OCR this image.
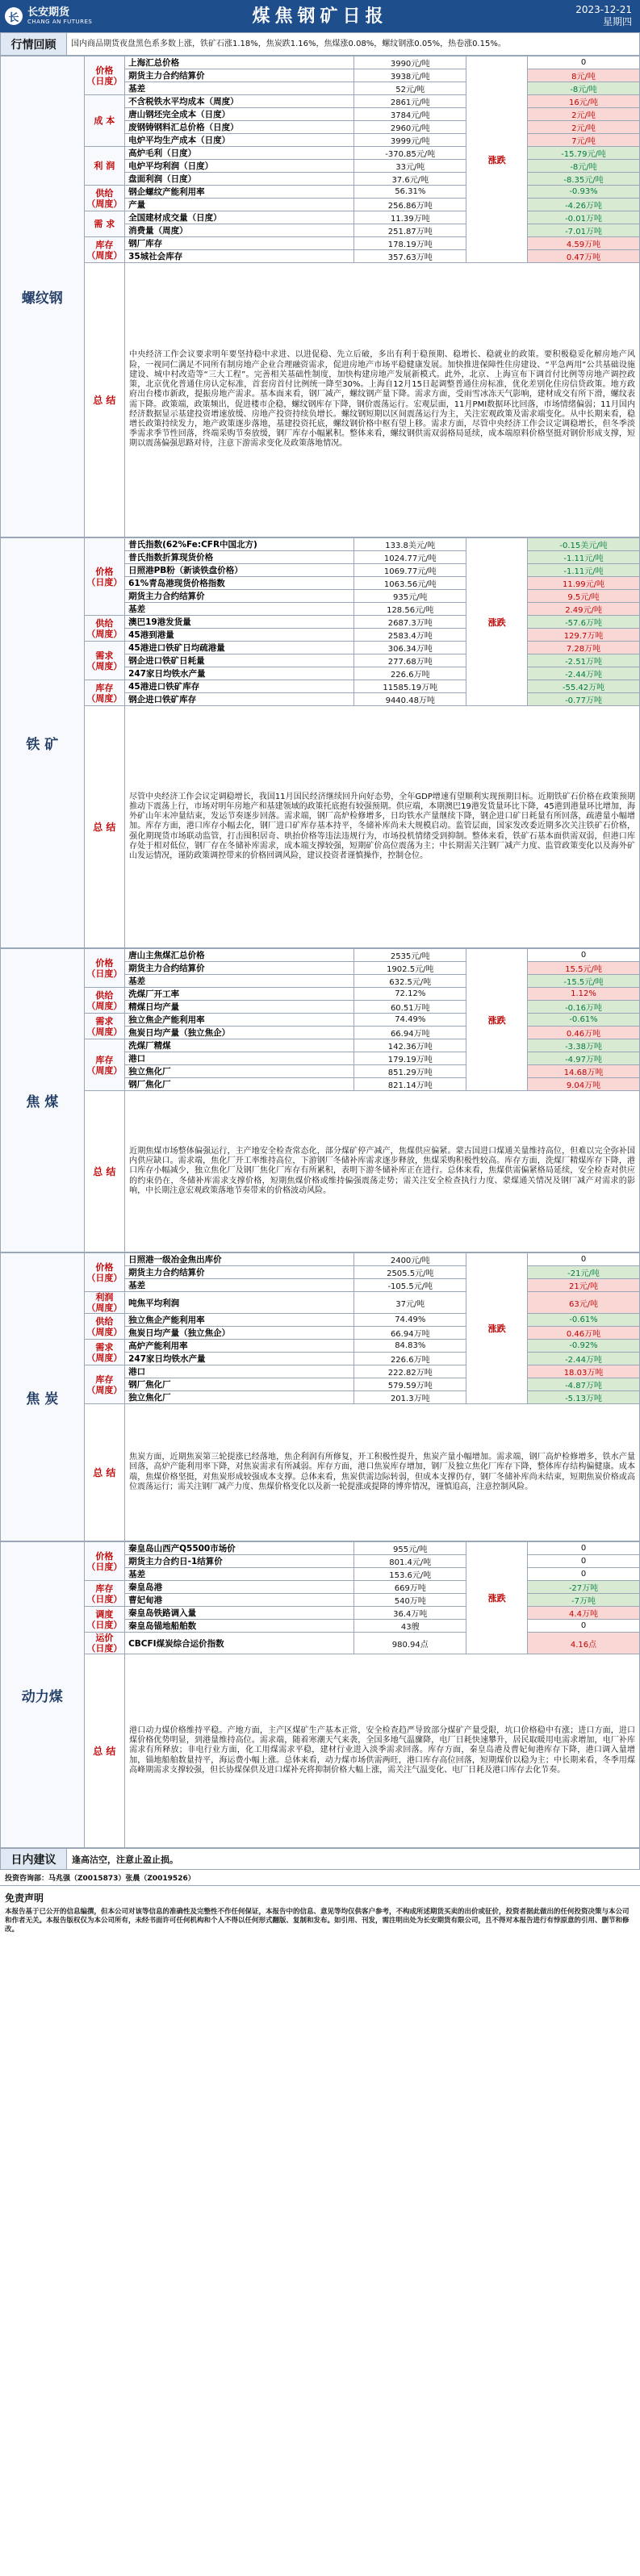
长 长安期货
CHANG AN FUTURES	煤焦钢矿日报	2023-12-21
星期四
行情回顾	国内商品期货夜盘黑色系多数上涨，铁矿石涨1.18%，焦炭跌1.16%，焦煤涨0.08%，螺纹钢涨0.05%，热卷涨0.15%。
螺纹钢	价格
（日度）	上海汇总价格	3990元/吨	涨跌	0
		期货主力合约结算价	3938元/吨		8元/吨
		基差	52元/吨		-8元/吨
	成 本	不含税铁水平均成本（周度）	2861元/吨		16元/吨
		唐山钢坯完全成本（日度）	3784元/吨		2元/吨
		废钢铸钢料汇总价格（日度）	2960元/吨		2元/吨
		电炉平均生产成本（日度）	3999元/吨		7元/吨
	利 润	高炉毛利（日度）	-370.85元/吨		-15.79元/吨
		电炉平均利润（日度）	33元/吨		-8元/吨
		盘面利润（日度）	37.6元/吨		-8.35元/吨
	供给
（周度）	钢企螺纹产能利用率	56.31%		-0.93%
		产量	256.86万吨		-4.26万吨
	需 求	全国建材成交量（日度）	11.39万吨		-0.01万吨
		消费量（周度）	251.87万吨		-7.01万吨
	库存
（周度）	钢厂库存	178.19万吨		4.59万吨
		35城社会库存	357.63万吨		0.47万吨
	总 结	中央经济工作会议要求明年要坚持稳中求进、以进促稳、先立后破，多出有利于稳预期、稳增长、稳就业的政策。要积极稳妥化解房地产风险，一视同仁满足不同所有制房地产企业合理融资需求，促进房地产市场平稳健康发展。加快推进保障性住房建设、“平急两用”公共基础设施建设、城中村改造等“三大工程”。完善相关基础性制度，加快构建房地产发展新模式。此外，北京、上海宣布下调首付比例等房地产调控政策，北京优化普通住房认定标准，首套房首付比例统一降至30%。上海自12月15日起调整普通住房标准，优化差别化住房信贷政策。地方政府出台楼市新政，提振房地产需求。基本面来看，钢厂减产，螺纹钢产量下降。需求方面，受雨雪冰冻天气影响，建材成交有所下滑，螺纹表需下降。政策端，政策频出，促进楼市企稳，螺纹钢库存下降，钢价震荡运行。宏观层面，11月PMI数据环比回落，市场情绪偏弱；11月国内经济数据显示基建投资增速放缓、房地产投资持续负增长。螺纹钢短期以区间震荡运行为主，关注宏观政策及需求端变化。从中长期来看，稳增长政策持续发力，地产政策逐步落地，基建投资托底，螺纹钢价格中枢有望上移。需求方面，尽管中央经济工作会议定调稳增长，但冬季淡季需求季节性回落，终端采购节奏放缓，钢厂库存小幅累积。整体来看，螺纹钢供需双弱格局延续，成本端原料价格坚挺对钢价形成支撑，短期以震荡偏强思路对待，注意下游需求变化及政策落地情况。			
铁 矿	价格
（日度）	普氏指数(62%Fe:CFR中国北方)	133.8美元/吨	涨跌	-0.15美元/吨
		普氏指数折算现货价格	1024.77元/吨		-1.11元/吨
		日照港PB粉（新谈铁盘价格）	1069.77元/吨		-1.11元/吨
		61%青岛港现货价格指数	1063.56元/吨		11.99元/吨
		期货主力合约结算价	935元/吨		9.5元/吨
		基差	128.56元/吨		2.49元/吨
	供给
（周度）	澳巴19港发货量	2687.3万吨		-57.6万吨
		45港到港量	2583.4万吨		129.7万吨
	需求
（周度）	45港进口铁矿日均疏港量	306.34万吨		7.28万吨
		钢企进口铁矿日耗量	277.68万吨		-2.51万吨
		247家日均铁水产量	226.6万吨		-2.44万吨
	库存
（周度）	45港进口铁矿库存	11585.19万吨		-55.42万吨
		钢企进口铁矿库存	9440.48万吨		-0.77万吨
	总 结	尽管中央经济工作会议定调稳增长，我国11月国民经济继续回升向好态势，全年GDP增速有望顺利实现预期目标。近期铁矿石价格在政策预期推动下震荡上行，市场对明年房地产和基建领域的政策托底抱有较强预期。供应端，本期澳巴19港发货量环比下降，45港到港量环比增加，海外矿山年末冲量结束，发运节奏逐步回落。需求端，钢厂高炉检修增多，日均铁水产量继续下降，钢企进口矿日耗量有所回落，疏港量小幅增加。库存方面，港口库存小幅去化，钢厂进口矿库存基本持平，冬储补库尚未大规模启动。监管层面，国家发改委近期多次关注铁矿石价格，强化期现货市场联动监管，打击囤积居奇、哄抬价格等违法违规行为，市场投机情绪受到抑制。整体来看，铁矿石基本面供需双弱，但港口库存处于相对低位，钢厂存在冬储补库需求，成本端支撑较强，短期矿价高位震荡为主；中长期需关注钢厂减产力度、监管政策变化以及海外矿山发运情况，谨防政策调控带来的价格回调风险，建议投资者谨慎操作，控制仓位。			
焦 煤	价格
（日度）	唐山主焦煤汇总价格	2535元/吨	涨跌	0
		期货主力合约结算价	1902.5元/吨		15.5元/吨
		基差	632.5元/吨		-15.5元/吨
	供给
（周度）	洗煤厂开工率	72.12%		1.12%
		精煤日均产量	60.51万吨		-0.16万吨
	需求
（周度）	独立焦企产能利用率	74.49%		-0.61%
		焦炭日均产量（独立焦企）	66.94万吨		0.46万吨
	库存
（周度）	洗煤厂精煤	142.36万吨		-3.38万吨
		港口	179.19万吨		-4.97万吨
		独立焦化厂	851.29万吨		14.68万吨
		钢厂焦化厂	821.14万吨		9.04万吨
	总 结	近期焦煤市场整体偏强运行，主产地安全检查常态化，部分煤矿停产减产，焦煤供应偏紧。蒙古国进口煤通关量维持高位，但难以完全弥补国内供应缺口。需求端，焦化厂开工率维持高位，下游钢厂冬储补库需求逐步释放，焦煤采购积极性较高。库存方面，洗煤厂精煤库存下降，港口库存小幅减少，独立焦化厂及钢厂焦化厂库存有所累积，表明下游冬储补库正在进行。总体来看，焦煤供需偏紧格局延续，安全检查对供应的约束仍在，冬储补库需求支撑价格，短期焦煤价格或维持偏强震荡走势；需关注安全检查执行力度、蒙煤通关情况及钢厂减产对需求的影响，中长期注意宏观政策落地节奏带来的价格波动风险。			
焦 炭	价格
（日度）	日照港一级冶金焦出库价	2400元/吨	涨跌	0
		期货主力合约结算价	2505.5元/吨		-21元/吨
		基差	-105.5元/吨		21元/吨
	利润
（周度）	吨焦平均利润	37元/吨		63元/吨
	供给
（周度）	独立焦企产能利用率	74.49%		-0.61%
		焦炭日均产量（独立焦企）	66.94万吨		0.46万吨
	需求
（周度）	高炉产能利用率	84.83%		-0.92%
		247家日均铁水产量	226.6万吨		-2.44万吨
	库存
（周度）	港口	222.82万吨		18.03万吨
		钢厂焦化厂	579.59万吨		-4.87万吨
		独立焦化厂	201.3万吨		-5.13万吨
	总 结	焦炭方面，近期焦炭第三轮提涨已经落地，焦企利润有所修复，开工积极性提升，焦炭产量小幅增加。需求端，钢厂高炉检修增多，铁水产量回落，高炉产能利用率下降，对焦炭需求有所减弱。库存方面，港口焦炭库存增加，钢厂及独立焦化厂库存下降，整体库存结构偏健康。成本端，焦煤价格坚挺，对焦炭形成较强成本支撑。总体来看，焦炭供需边际转弱，但成本支撑仍存，钢厂冬储补库尚未结束，短期焦炭价格或高位震荡运行；需关注钢厂减产力度、焦煤价格变化以及新一轮提涨或提降的博弈情况，谨慎追高，注意控制风险。			
动力煤	价格
（日度）	秦皇岛山西产Q5500市场价	955元/吨	涨跌	0
		期货主力合约日-1结算价	801.4元/吨		0
		基差	153.6元/吨		0
	库存
（日度）	秦皇岛港	669万吨		-27万吨
		曹妃甸港	540万吨		-7万吨
	调度
（日度）	秦皇岛铁路调入量	36.4万吨		4.4万吨
		秦皇岛锚地船舶数	43艘		0
	运价
（日度）	CBCFI煤炭综合运价指数	980.94点		4.16点
	总 结	港口动力煤价格维持平稳。产地方面，主产区煤矿生产基本正常，安全检查趋严导致部分煤矿产量受限，坑口价格稳中有涨；进口方面，进口煤价格优势明显，到港量维持高位。需求端，随着寒潮天气来袭，全国多地气温骤降，电厂日耗快速攀升，居民取暖用电需求增加，电厂补库需求有所释放；非电行业方面，化工用煤需求平稳，建材行业进入淡季需求回落。库存方面，秦皇岛港及曹妃甸港库存下降，港口调入量增加，锚地船舶数量持平，海运费小幅上涨。总体来看，动力煤市场供需两旺，港口库存高位回落，短期煤价以稳为主；中长期来看，冬季用煤高峰期需求支撑较强，但长协煤保供及进口煤补充将抑制价格大幅上涨，需关注气温变化、电厂日耗及港口库存去化节奏。			
日内建议	逢高沽空，注意止盈止损。
投资咨询部：马兆强（Z0015873）张晨（Z0019526）
免责声明
本报告基于已公开的信息编撰，但本公司对该等信息的准确性及完整性不作任何保证，本报告中的信息、意见等均仅供客户参考，不构成所述期货买卖的出价或征价，投资者据此做出的任何投资决策与本公司和作者无关。本报告版权仅为本公司所有，未经书面许可任何机构和个人不得以任何形式翻版、复制和发布。如引用、刊发，需注明出处为长安期货有限公司，且不得对本报告进行有悖原意的引用、删节和修改。
